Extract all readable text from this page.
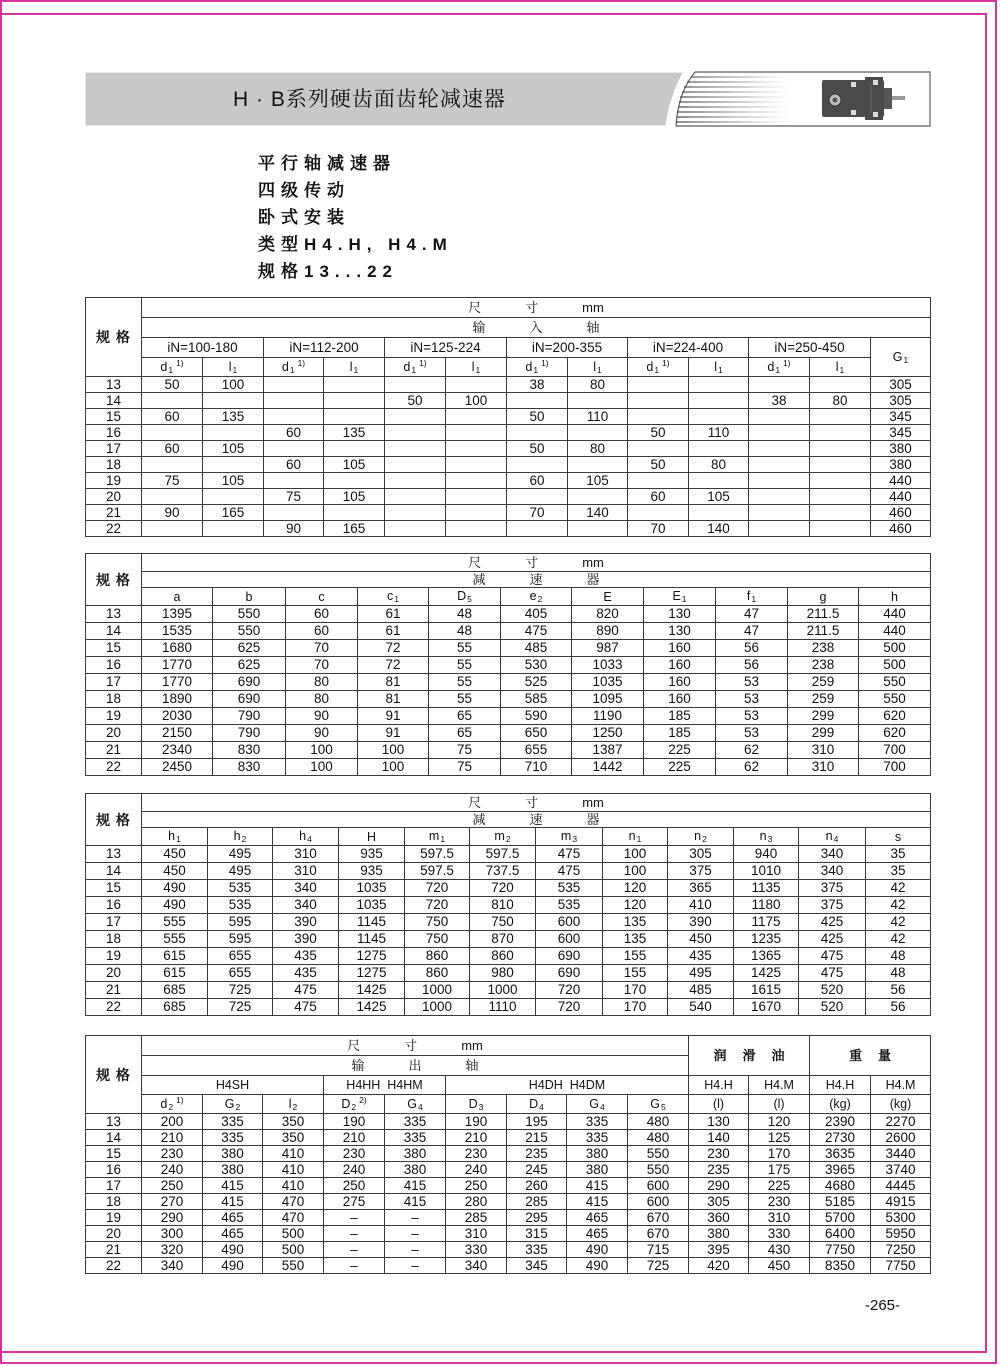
H · B系列硬齿面齿轮减速器
平行轴减速器
四级传动
卧式安装
类型H4.H, H4.M
规格13...22
规 格	尺 寸 mm												

	输 入 轴												

	iN=100-180		iN=112-200		iN=125-224		iN=200-355		iN=224-400		iN=250-450		G1
	d1$^{1)}$	l1	d1$^{1)}$	l1	d1$^{1)}$	l1	d1$^{1)}$	l1	d1$^{1)}$	l1	d1$^{1)}$	l1	
13	50	100					38	80					305
14					50	100					38	80	305
15	60	135					50	110					345
16			60	135					50	110			345
17	60	105					50	80					380
18			60	105					50	80			380
19	75	105					60	105					440
20			75	105					60	105			440
21	90	165					70	140					460
22			90	165					70	140			460
规 格	尺 寸 mm										

	减 速 器										

	a	b	c	c1	D5	e2	E	E1	f1	g	h
13	1395	550	60	61	48	405	820	130	47	211.5	440
14	1535	550	60	61	48	475	890	130	47	211.5	440
15	1680	625	70	72	55	485	987	160	56	238	500
16	1770	625	70	72	55	530	1033	160	56	238	500
17	1770	690	80	81	55	525	1035	160	53	259	550
18	1890	690	80	81	55	585	1095	160	53	259	550
19	2030	790	90	91	65	590	1190	185	53	299	620
20	2150	790	90	91	65	650	1250	185	53	299	620
21	2340	830	100	100	75	655	1387	225	62	310	700
22	2450	830	100	100	75	710	1442	225	62	310	700
规 格	尺 寸 mm											

	减 速 器											

	h1	h2	h4	H	m1	m2	m3	n1	n2	n3	n4	s
13	450	495	310	935	597.5	597.5	475	100	305	940	340	35
14	450	495	310	935	597.5	737.5	475	100	375	1010	340	35
15	490	535	340	1035	720	720	535	120	365	1135	375	42
16	490	535	340	1035	720	810	535	120	410	1180	375	42
17	555	595	390	1145	750	750	600	135	390	1175	425	42
18	555	595	390	1145	750	870	600	135	450	1235	425	42
19	615	655	435	1275	860	860	690	155	435	1365	475	48
20	615	655	435	1275	860	980	690	155	495	1425	475	48
21	685	725	475	1425	1000	1000	720	170	485	1615	520	56
22	685	725	475	1425	1000	1110	720	170	540	1670	520	56
规 格	尺 寸 mm									润 滑 油		重 量	

	输 出 轴												

	H4SH			H4HH  H4HM		H4DH  H4DM				H4.H	H4.M	H4.H	H4.M
	d2$^{1)}$	G2	l2	D2$^{2)}$	G4	D3	D4	G4	G5	(l)	(l)	(kg)	(kg)
13	200	335	350	190	335	190	195	335	480	130	120	2390	2270
14	210	335	350	210	335	210	215	335	480	140	125	2730	2600
15	230	380	410	230	380	230	235	380	550	230	170	3635	3440
16	240	380	410	240	380	240	245	380	550	235	175	3965	3740
17	250	415	410	250	415	250	260	415	600	290	225	4680	4445
18	270	415	470	275	415	280	285	415	600	305	230	5185	4915
19	290	465	470	–	–	285	295	465	670	360	310	5700	5300
20	300	465	500	–	–	310	315	465	670	380	330	6400	5950
21	320	490	500	–	–	330	335	490	715	395	430	7750	7250
22	340	490	550	–	–	340	345	490	725	420	450	8350	7750
-265-
